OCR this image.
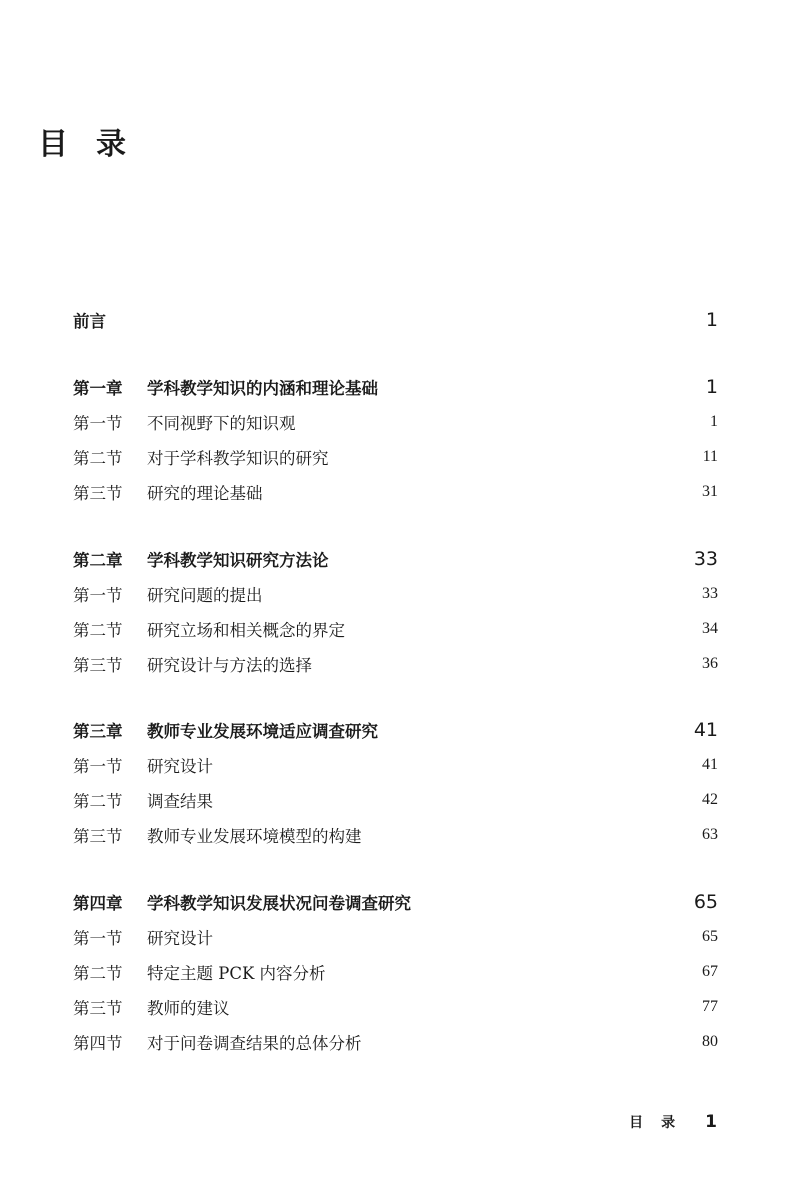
目录
前言	1
第一章	学科教学知识的内涵和理论基础	1
第一节	不同视野下的知识观	1
第二节	对于学科教学知识的研究	11
第三节	研究的理论基础	31
第二章	学科教学知识研究方法论	33
第一节	研究问题的提出	33
第二节	研究立场和相关概念的界定	34
第三节	研究设计与方法的选择	36
第三章	教师专业发展环境适应调查研究	41
第一节	研究设计	41
第二节	调查结果	42
第三节	教师专业发展环境模型的构建	63
第四章	学科教学知识发展状况问卷调查研究	65
第一节	研究设计	65
第二节	特定主题 PCK 内容分析	67
第三节	教师的建议	77
第四节	对于问卷调查结果的总体分析	80
目录 1
